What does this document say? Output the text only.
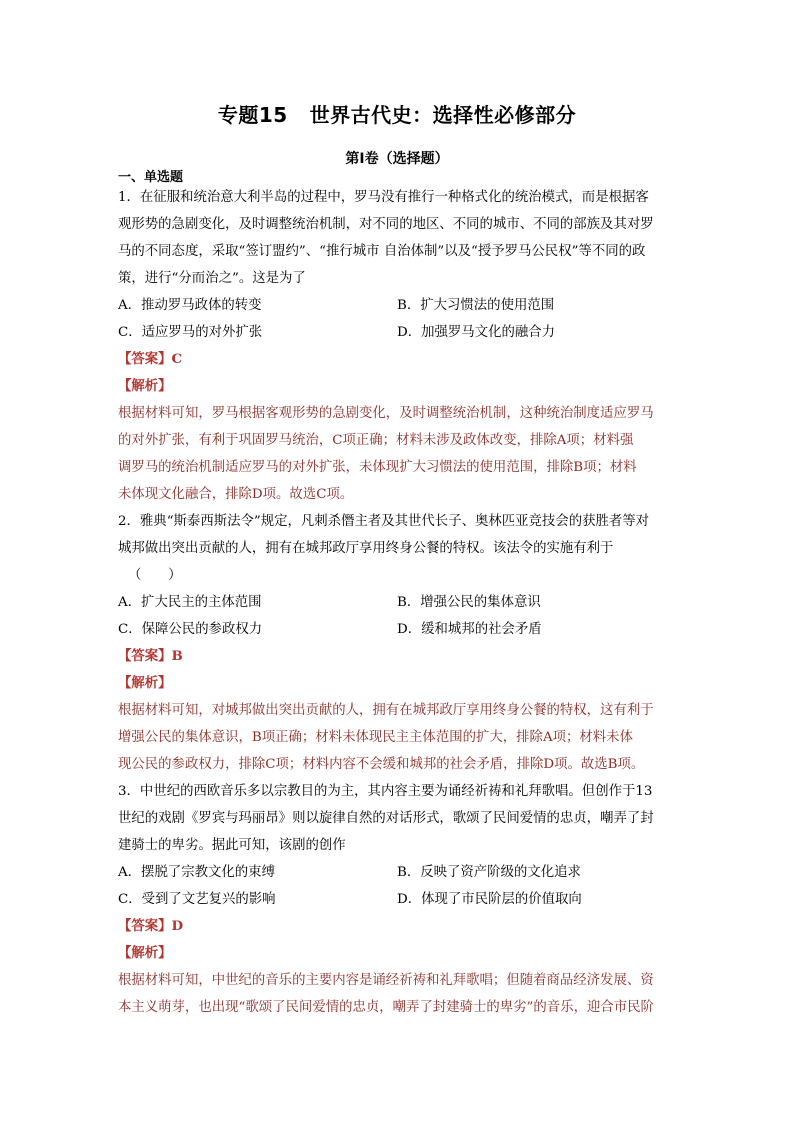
专题15 世界古代史：选择性必修部分
第I卷（选择题）
一、单选题

1．在征服和统治意大利半岛的过程中，罗马没有推行一种格式化的统治模式，而是根据客

观形势的急剧变化，及时调整统治机制，对不同的地区、不同的城市、不同的部族及其对罗

马的不同态度，采取“签订盟约”、“推行城市 自治体制”以及“授予罗马公民权”等不同的政

策，进行“分而治之”。这是为了

A．推动罗马政体的转变	B．扩大习惯法的使用范围
C．适应罗马的对外扩张	D．加强罗马文化的融合力

【答案】C

【解析】

根据材料可知，罗马根据客观形势的急剧变化，及时调整统治机制，这种统治制度适应罗马

的对外扩张，有利于巩固罗马统治，C项正确；材料未涉及政体改变，排除A项；材料强

调罗马的统治机制适应罗马的对外扩张，未体现扩大习惯法的使用范围，排除B项；材料

未体现文化融合，排除D项。故选C项。

2．雅典“斯泰西斯法令”规定，凡刺杀僭主者及其世代长子、奥林匹亚竞技会的获胜者等对

城邦做出突出贡献的人，拥有在城邦政厅享用终身公餐的特权。该法令的实施有利于

（　　）

A．扩大民主的主体范围	B．增强公民的集体意识
C．保障公民的参政权力	D．缓和城邦的社会矛盾

【答案】B

【解析】

根据材料可知，对城邦做出突出贡献的人，拥有在城邦政厅享用终身公餐的特权，这有利于

增强公民的集体意识，B项正确；材料未体现民主主体范围的扩大，排除A项；材料未体

现公民的参政权力，排除C项；材料内容不会缓和城邦的社会矛盾，排除D项。故选B项。

3．中世纪的西欧音乐多以宗教目的为主，其内容主要为诵经祈祷和礼拜歌唱。但创作于13

世纪的戏剧《罗宾与玛丽昂》则以旋律自然的对话形式，歌颂了民间爱情的忠贞，嘲弄了封

建骑士的卑劣。据此可知，该剧的创作

A．摆脱了宗教文化的束缚	B．反映了资产阶级的文化追求
C．受到了文艺复兴的影响	D．体现了市民阶层的价值取向

【答案】D

【解析】

根据材料可知，中世纪的音乐的主要内容是诵经祈祷和礼拜歌唱；但随着商品经济发展、资

本主义萌芽，也出现“歌颂了民间爱情的忠贞，嘲弄了封建骑士的卑劣”的音乐，迎合市民阶
